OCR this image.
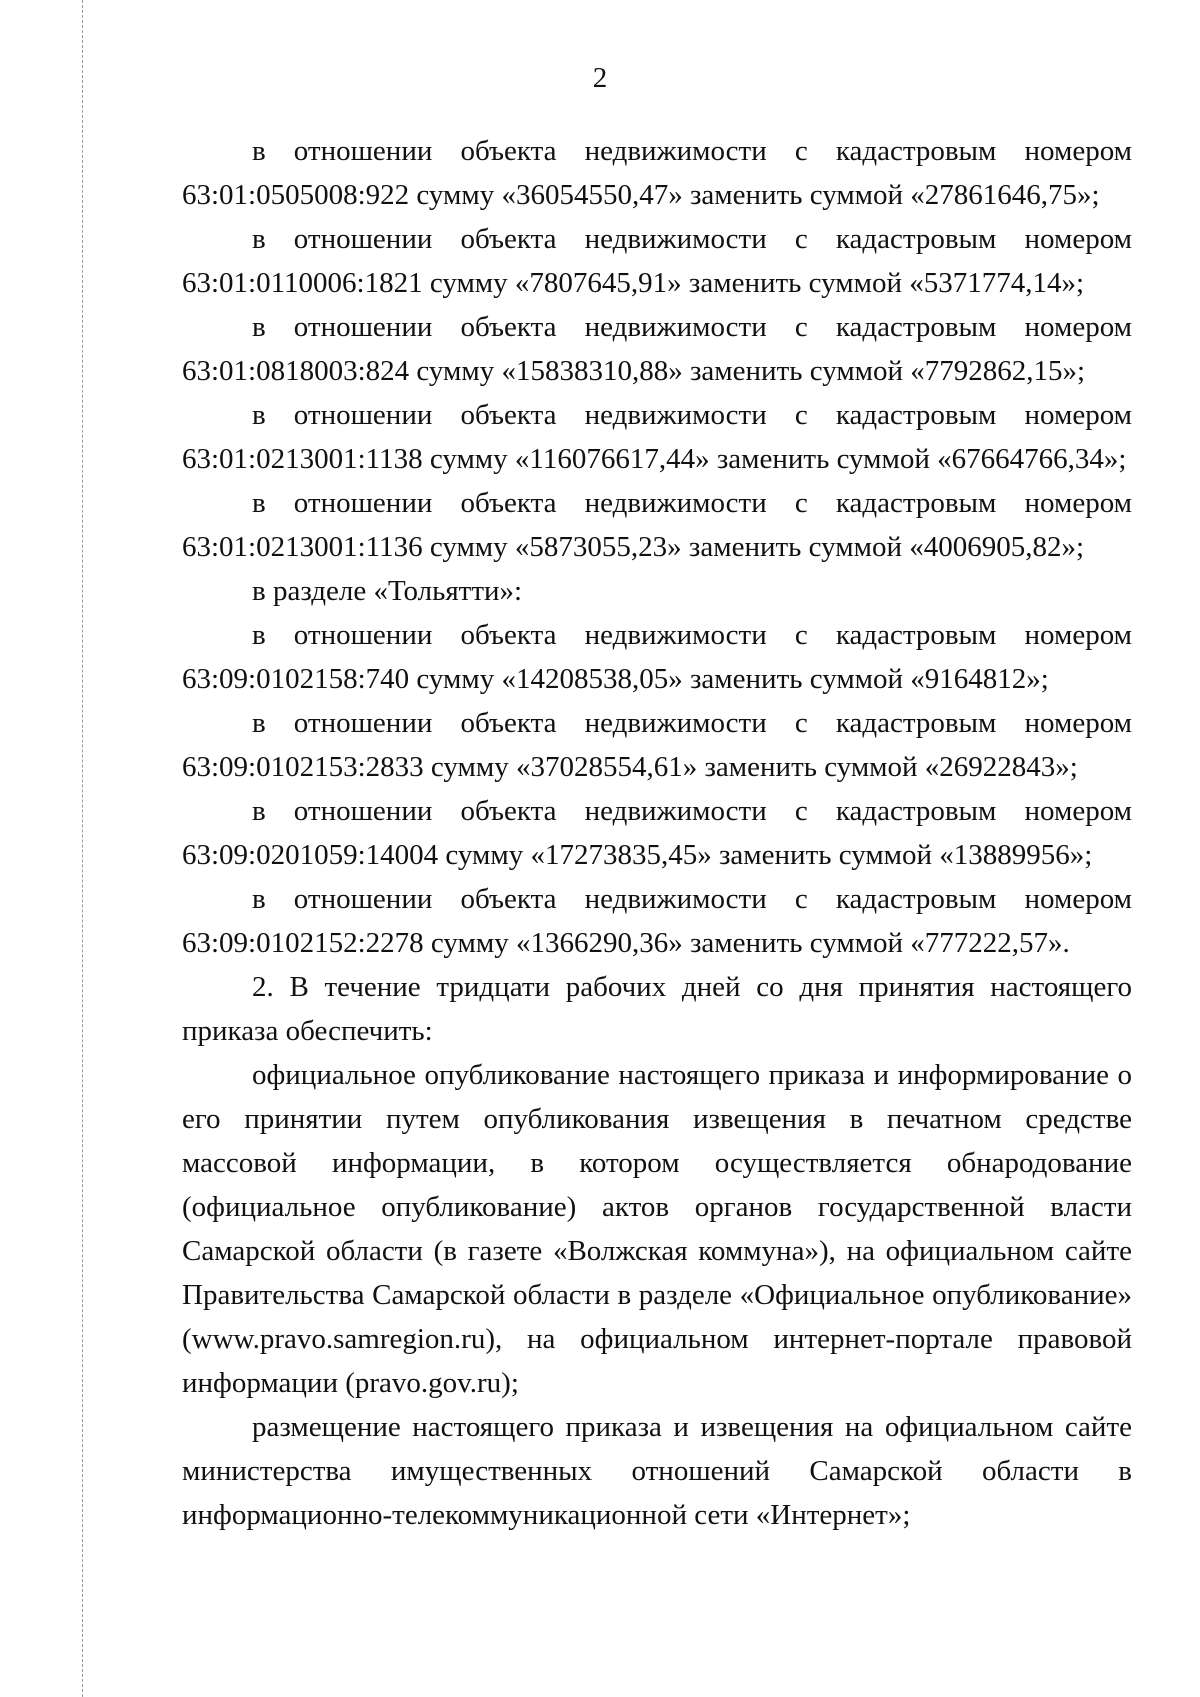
2

в отношении объекта недвижимости с кадастровым номером

63:01:0505008:922 сумму «36054550,47» заменить суммой «27861646,75»;

в отношении объекта недвижимости с кадастровым номером

63:01:0110006:1821 сумму «7807645,91» заменить суммой «5371774,14»;

в отношении объекта недвижимости с кадастровым номером

63:01:0818003:824 сумму «15838310,88» заменить суммой «7792862,15»;

в отношении объекта недвижимости с кадастровым номером

63:01:0213001:1138 сумму «116076617,44» заменить суммой «67664766,34»;

в отношении объекта недвижимости с кадастровым номером

63:01:0213001:1136 сумму «5873055,23» заменить суммой «4006905,82»;

в разделе «Тольятти»:

в отношении объекта недвижимости с кадастровым номером

63:09:0102158:740 сумму «14208538,05» заменить суммой «9164812»;

в отношении объекта недвижимости с кадастровым номером

63:09:0102153:2833 сумму «37028554,61» заменить суммой «26922843»;

в отношении объекта недвижимости с кадастровым номером

63:09:0201059:14004 сумму «17273835,45» заменить суммой «13889956»;

в отношении объекта недвижимости с кадастровым номером

63:09:0102152:2278 сумму «1366290,36» заменить суммой «777222,57».

2. В течение тридцати рабочих дней со дня принятия настоящего приказа обеспечить:

официальное опубликование настоящего приказа и информирование о его принятии путем опубликования извещения в печатном средстве массовой информации, в котором осуществляется обнародование (официальное опубликование) актов органов государственной власти Самарской области (в газете «Волжская коммуна»), на официальном сайте Правительства Самарской области в разделе «Официальное опубликование» (www.pravo.samregion.ru), на официальном интернет-портале правовой информации (pravo.gov.ru);

размещение настоящего приказа и извещения на официальном сайте министерства имущественных отношений Самарской области в информационно-телекоммуникационной сети «Интернет»;
